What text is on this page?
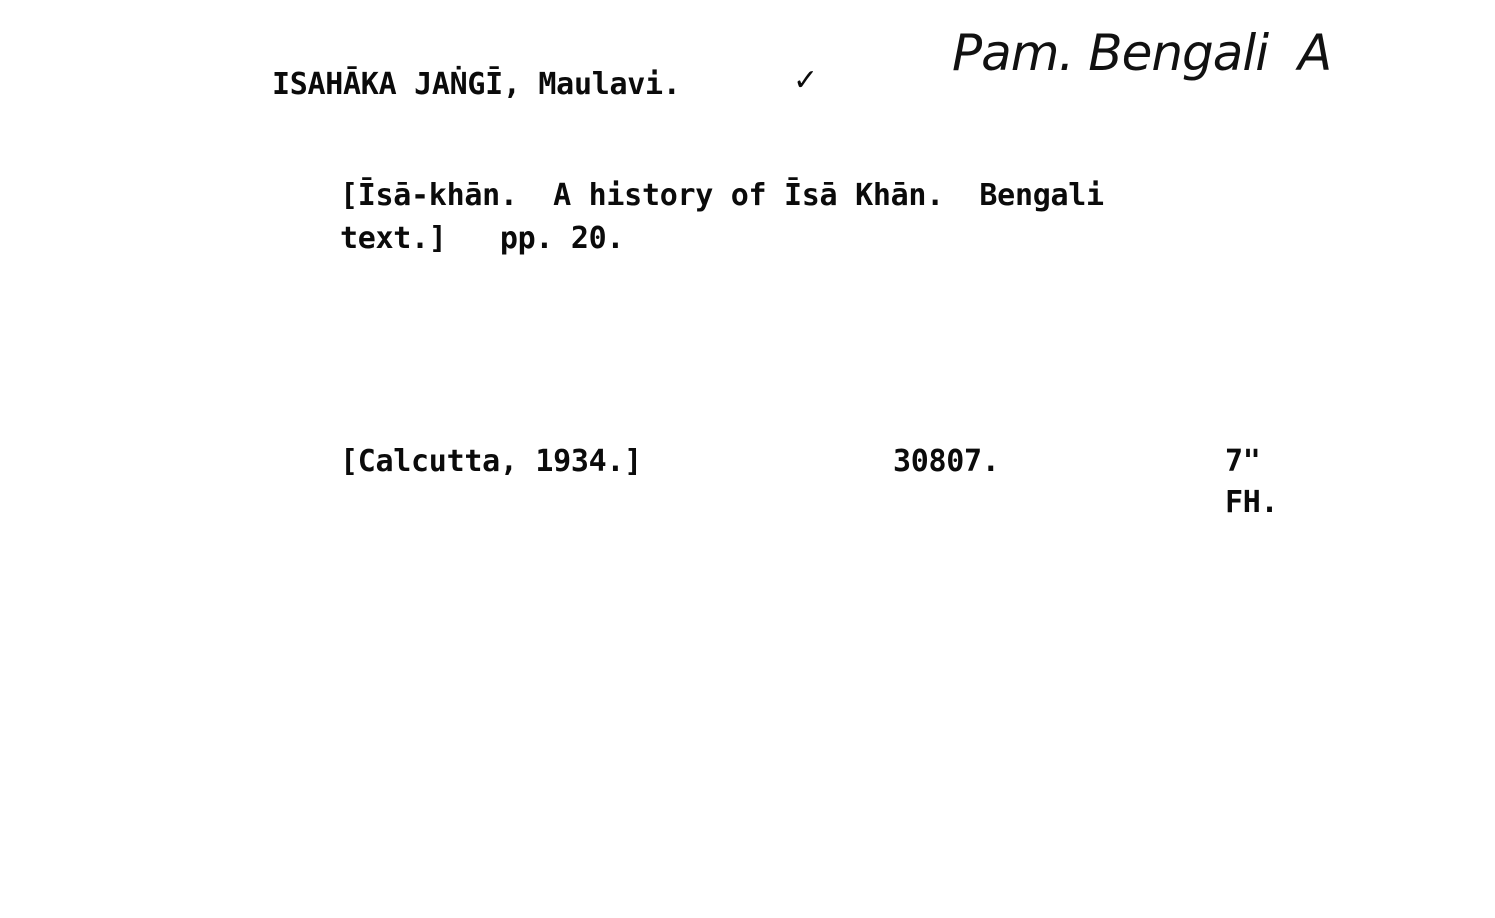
Pam. Bengali  A
ISAHĀKA JAṄGĪ, Maulavi.	✓
[Īsā-khān.  A history of Īsā Khān.  Bengali
text.]   pp. 20.
[Calcutta, 1934.]	30807.	7"
FH.
